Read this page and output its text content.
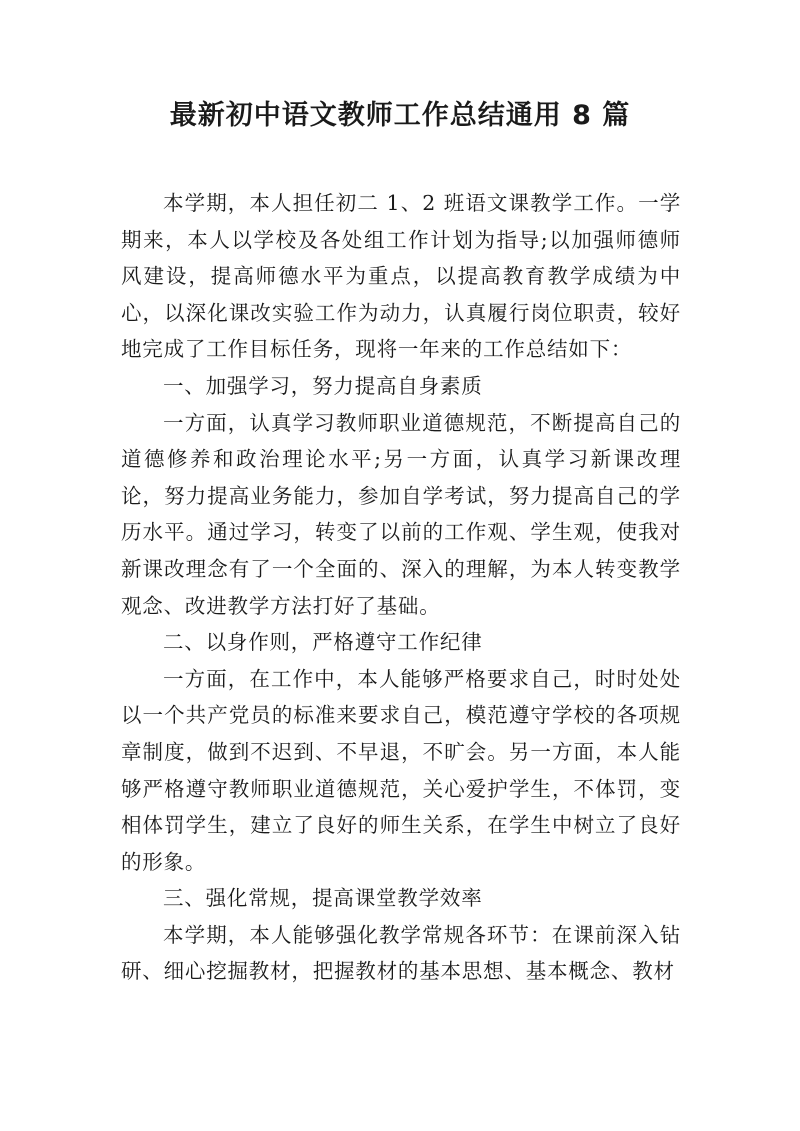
最新初中语文教师工作总结通用 8 篇

本学期，本人担任初二 1、2 班语文课教学工作。一学期来，本人以学校及各处组工作计划为指导;以加强师德师风建设，提高师德水平为重点，以提高教育教学成绩为中心，以深化课改实验工作为动力，认真履行岗位职责，较好地完成了工作目标任务，现将一年来的工作总结如下：

一、加强学习，努力提高自身素质

一方面，认真学习教师职业道德规范，不断提高自己的道德修养和政治理论水平;另一方面，认真学习新课改理论，努力提高业务能力，参加自学考试，努力提高自己的学历水平。通过学习，转变了以前的工作观、学生观，使我对新课改理念有了一个全面的、深入的理解，为本人转变教学观念、改进教学方法打好了基础。

二、以身作则，严格遵守工作纪律

一方面，在工作中，本人能够严格要求自己，时时处处以一个共产党员的标准来要求自己，模范遵守学校的各项规章制度，做到不迟到、不早退，不旷会。另一方面，本人能够严格遵守教师职业道德规范，关心爱护学生，不体罚，变相体罚学生，建立了良好的师生关系，在学生中树立了良好的形象。

三、强化常规，提高课堂教学效率

本学期，本人能够强化教学常规各环节：在课前深入钻研、细心挖掘教材，把握教材的基本思想、基本概念、教材
